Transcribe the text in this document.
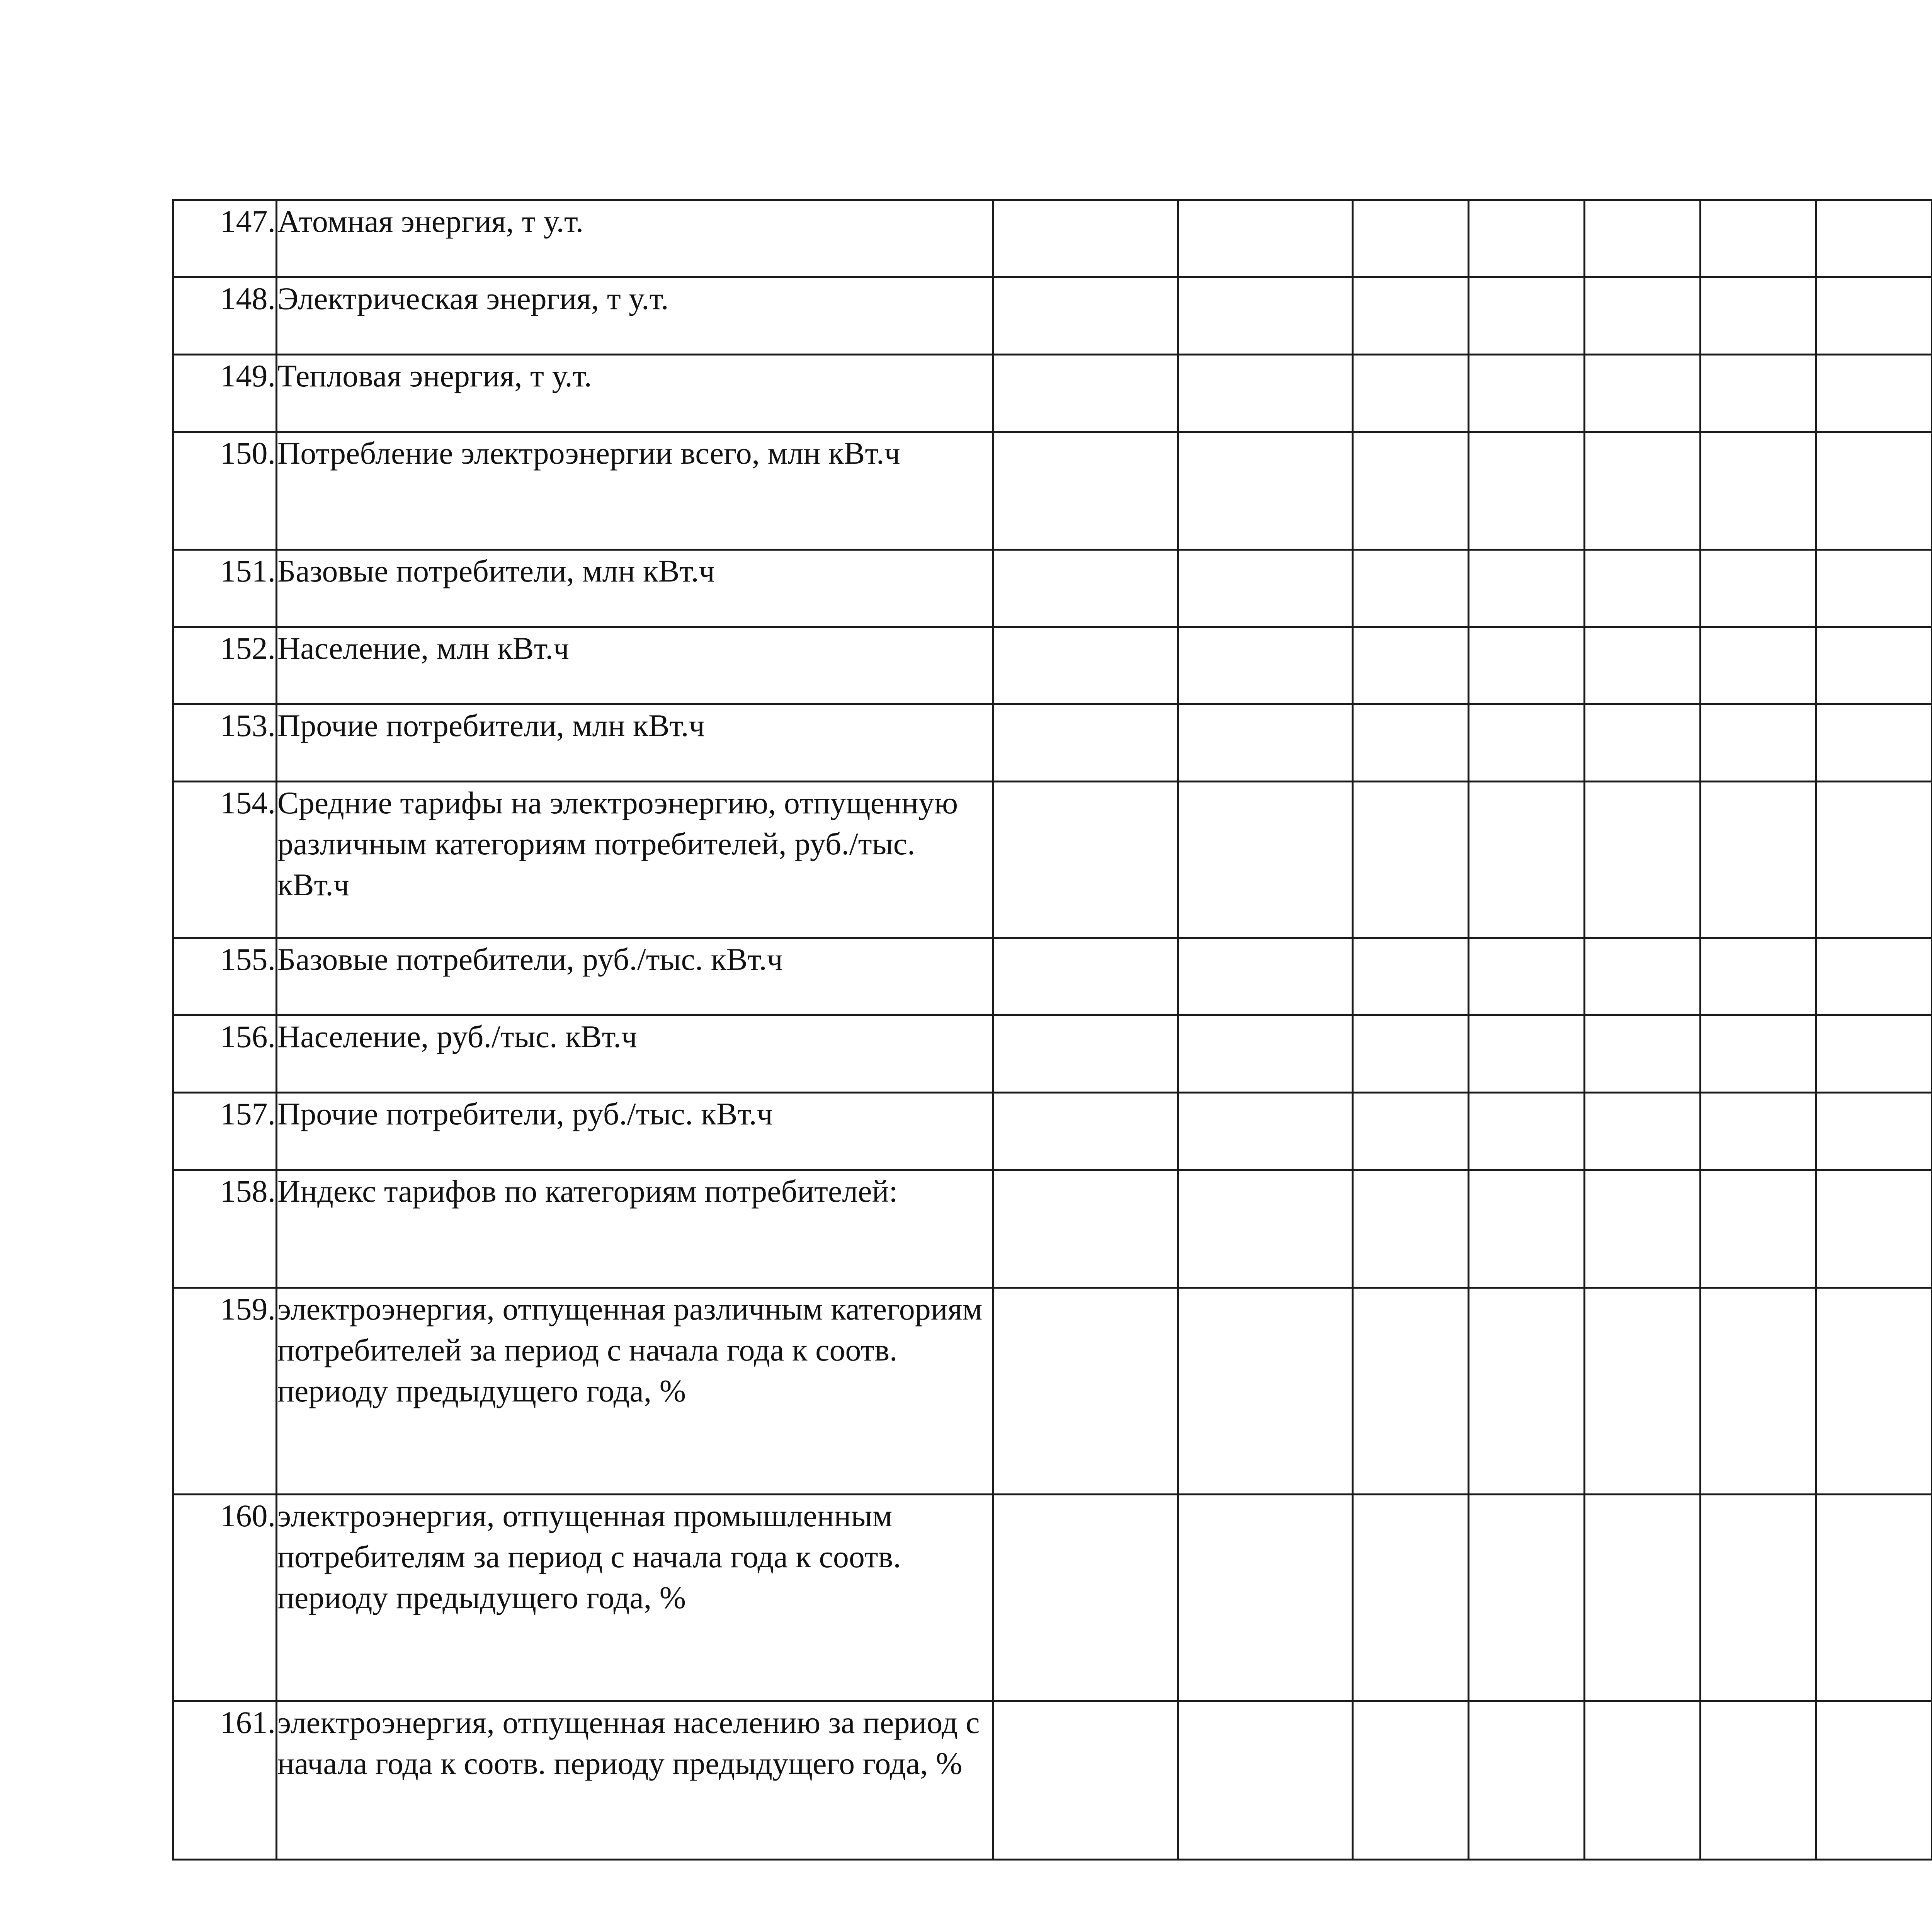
147.	Атомная энергия, т у.т.															
148.	Электрическая энергия, т у.т.															
149.	Тепловая энергия, т у.т.															
150.	Потребление электроэнергии всего, млн кВт.ч															
151.	Базовые потребители, млн кВт.ч															
152.	Население, млн кВт.ч															
153.	Прочие потребители, млн кВт.ч															
154.	Средние тарифы на электроэнергию, отпущенную различным категориям потребителей, руб./тыс. кВт.ч															
155.	Базовые потребители, руб./тыс. кВт.ч															
156.	Население, руб./тыс. кВт.ч															
157.	Прочие потребители, руб./тыс. кВт.ч															
158.	Индекс тарифов по категориям потребителей:															
159.	электроэнергия, отпущенная различным категориям потребителей за период с начала года к соотв. периоду предыдущего года, %															
160.	электроэнергия, отпущенная промышленным потребителям за период с начала года к соотв. периоду предыдущего года, %															
161.	электроэнергия, отпущенная населению за период с начала года к соотв. периоду предыдущего года, %															
